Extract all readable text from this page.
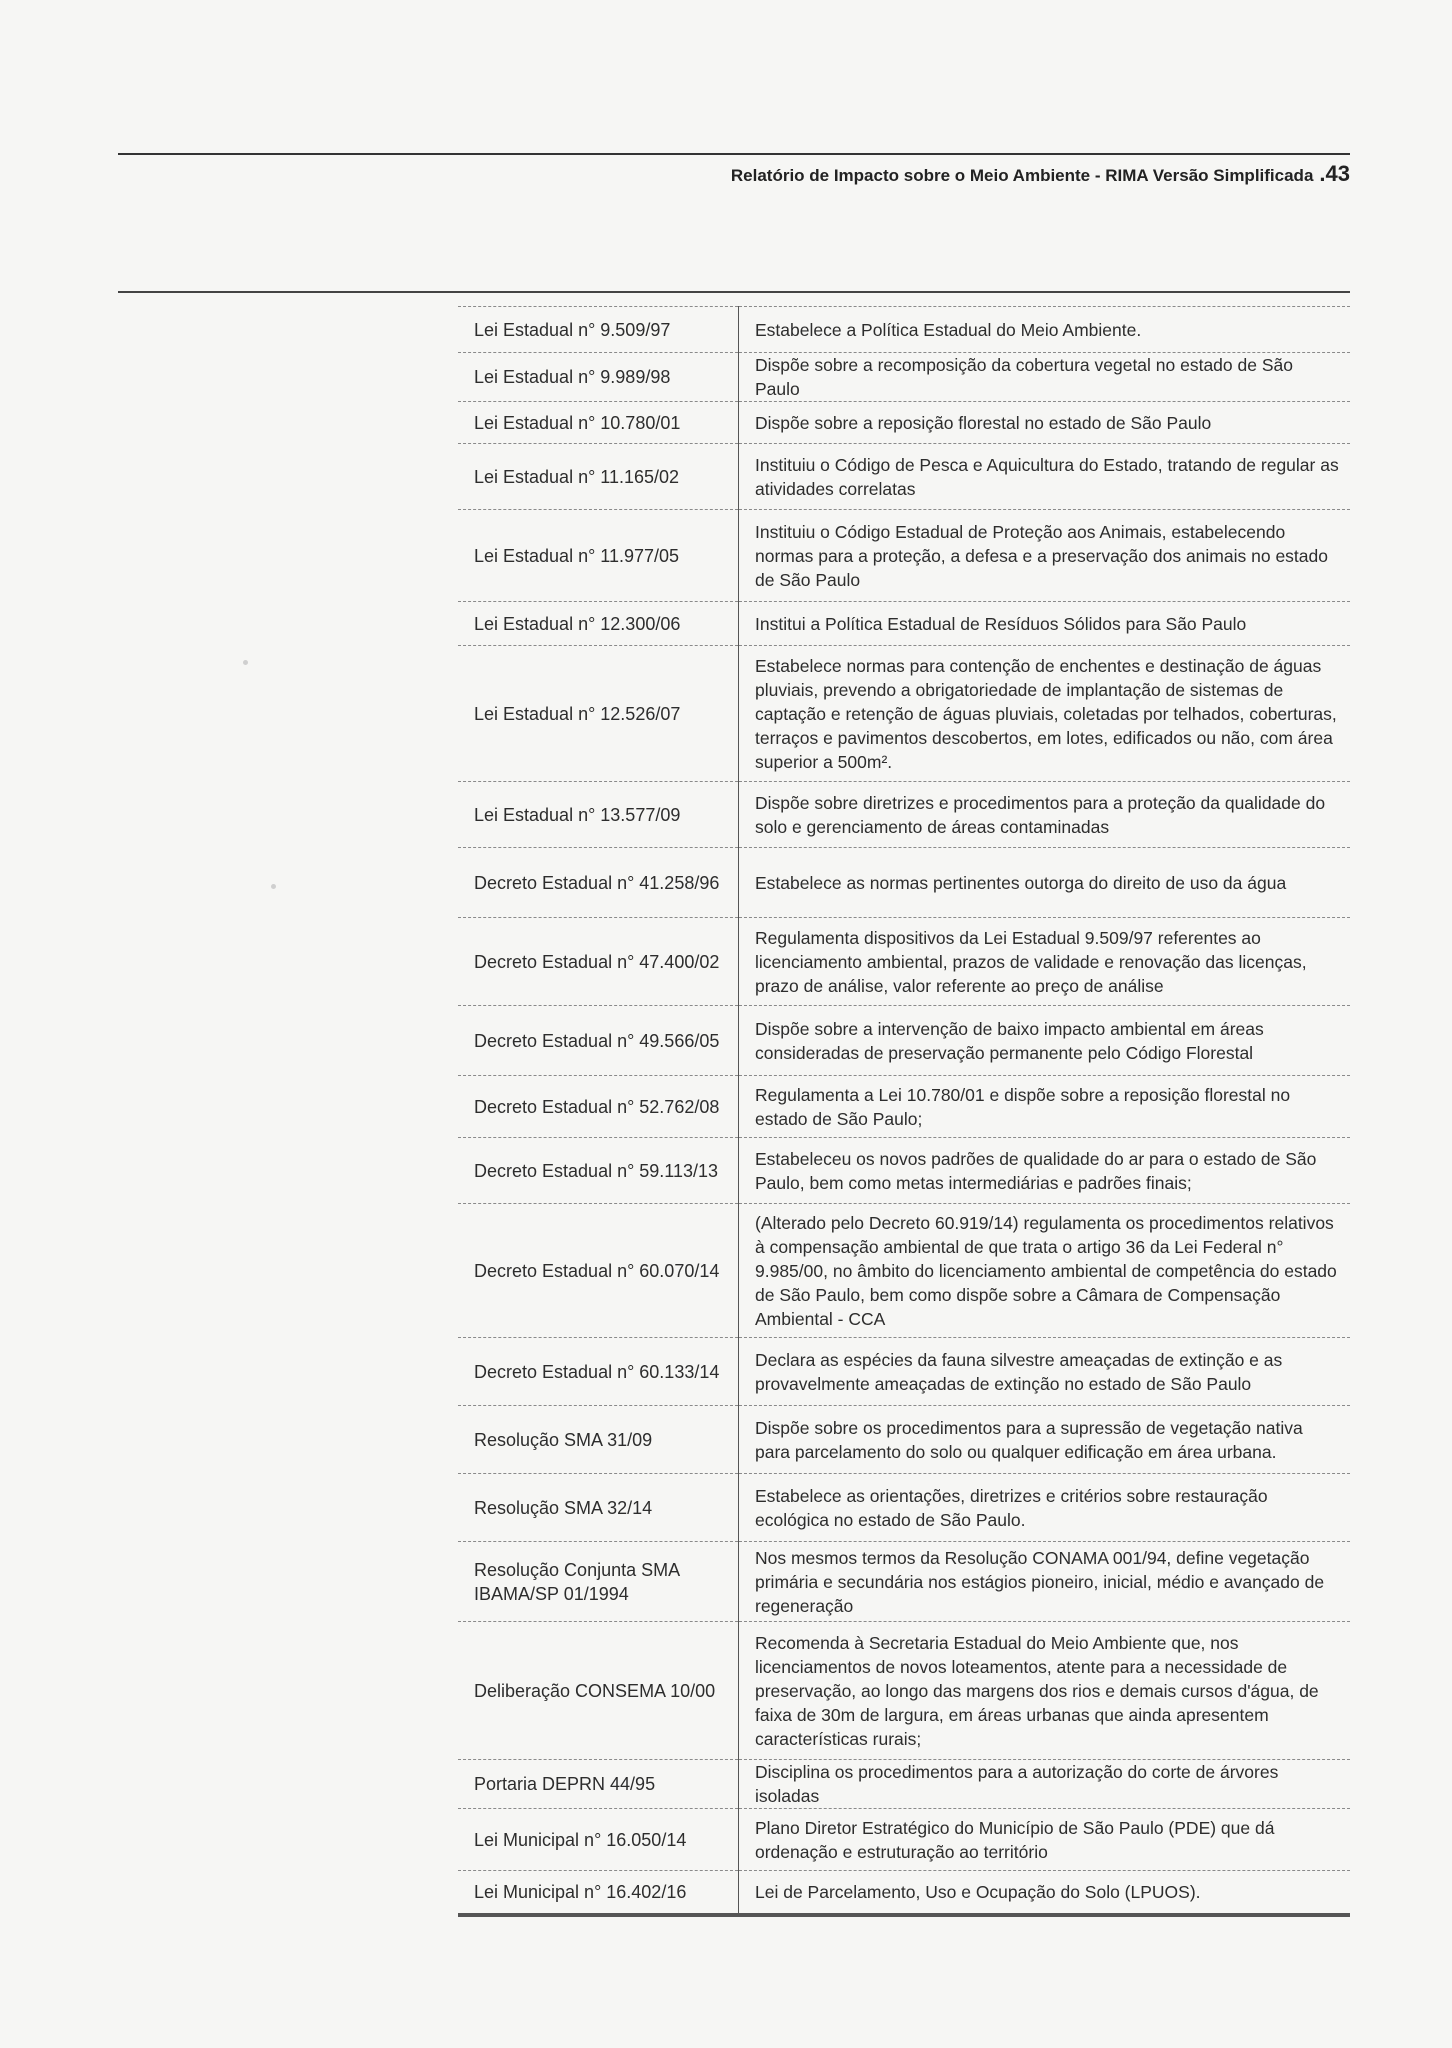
Relatório de Impacto sobre o Meio Ambiente - RIMA Versão Simplificada .43
Lei Estadual n° 9.509/97	Estabelece a Política Estadual do Meio Ambiente.
Lei Estadual n° 9.989/98	Dispõe sobre a recomposição da cobertura vegetal no estado de São Paulo
Lei Estadual n° 10.780/01	Dispõe sobre a reposição florestal no estado de São Paulo
Lei Estadual n° 11.165/02	Instituiu o Código de Pesca e Aquicultura do Estado, tratando de regular as atividades correlatas
Lei Estadual n° 11.977/05	Instituiu o Código Estadual de Proteção aos Animais, estabelecendo normas para a proteção, a defesa e a preservação dos animais no estado de São Paulo
Lei Estadual n° 12.300/06	Institui a Política Estadual de Resíduos Sólidos para São Paulo
Lei Estadual n° 12.526/07	Estabelece normas para contenção de enchentes e destinação de águas pluviais, prevendo a obrigatoriedade de implantação de sistemas de captação e retenção de águas pluviais, coletadas por telhados, coberturas, terraços e pavimentos descobertos, em lotes, edificados ou não, com área superior a 500m².
Lei Estadual n° 13.577/09	Dispõe sobre diretrizes e procedimentos para a proteção da qualidade do solo e gerenciamento de áreas contaminadas
Decreto Estadual n° 41.258/96	Estabelece as normas pertinentes outorga do direito de uso da água
Decreto Estadual n° 47.400/02	Regulamenta dispositivos da Lei Estadual 9.509/97 referentes ao licenciamento ambiental, prazos de validade e renovação das licenças, prazo de análise, valor referente ao preço de análise
Decreto Estadual n° 49.566/05	Dispõe sobre a intervenção de baixo impacto ambiental em áreas consideradas de preservação permanente pelo Código Florestal
Decreto Estadual n° 52.762/08	Regulamenta a Lei 10.780/01 e dispõe sobre a reposição florestal no estado de São Paulo;
Decreto Estadual n° 59.113/13	Estabeleceu os novos padrões de qualidade do ar para o estado de São Paulo, bem como metas intermediárias e padrões finais;
Decreto Estadual n° 60.070/14	(Alterado pelo Decreto 60.919/14) regulamenta os procedimentos relativos à compensação ambiental de que trata o artigo 36 da Lei Federal n° 9.985/00, no âmbito do licenciamento ambiental de competência do estado de São Paulo, bem como dispõe sobre a Câmara de Compensação Ambiental - CCA
Decreto Estadual n° 60.133/14	Declara as espécies da fauna silvestre ameaçadas de extinção e as provavelmente ameaçadas de extinção no estado de São Paulo
Resolução SMA 31/09	Dispõe sobre os procedimentos para a supressão de vegetação nativa para parcelamento do solo ou qualquer edificação em área urbana.
Resolução SMA 32/14	Estabelece as orientações, diretrizes e critérios sobre restauração ecológica no estado de São Paulo.
Resolução Conjunta SMA IBAMA/SP 01/1994	Nos mesmos termos da Resolução CONAMA 001/94, define vegetação primária e secundária nos estágios pioneiro, inicial, médio e avançado de regeneração
Deliberação CONSEMA 10/00	Recomenda à Secretaria Estadual do Meio Ambiente que, nos licenciamentos de novos loteamentos, atente para a necessidade de preservação, ao longo das margens dos rios e demais cursos d'água, de faixa de 30m de largura, em áreas urbanas que ainda apresentem características rurais;
Portaria DEPRN 44/95	Disciplina os procedimentos para a autorização do corte de árvores isoladas
Lei Municipal n° 16.050/14	Plano Diretor Estratégico do Município de São Paulo (PDE) que dá ordenação e estruturação ao território
Lei Municipal n° 16.402/16	Lei de Parcelamento, Uso e Ocupação do Solo (LPUOS).
